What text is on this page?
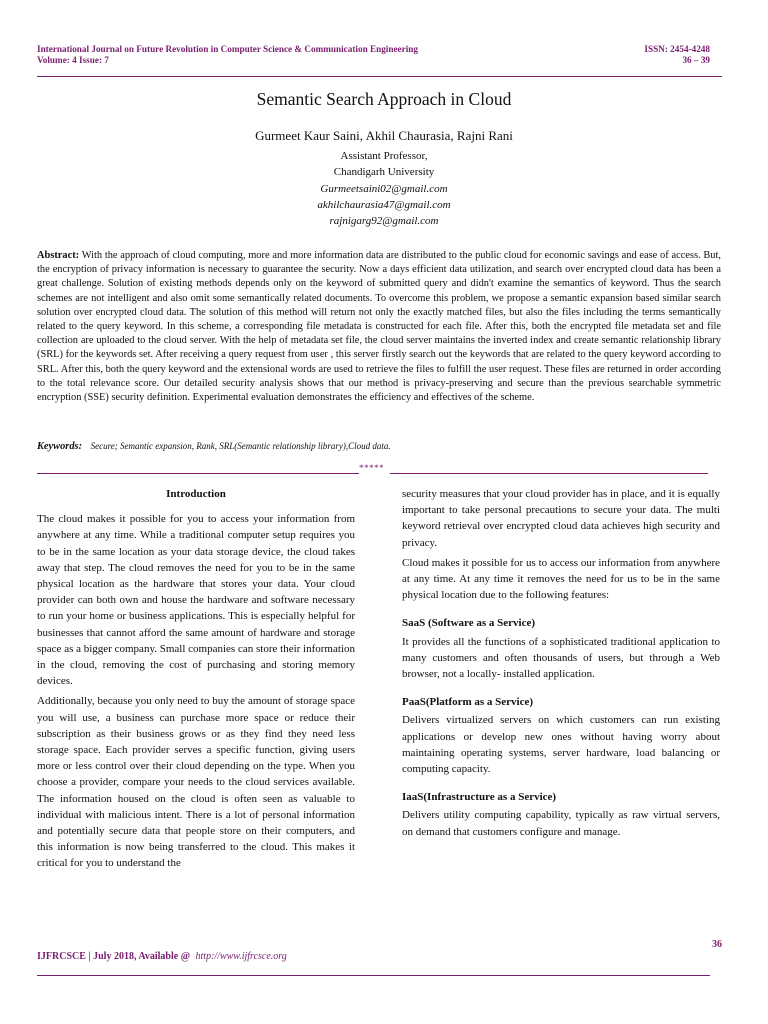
International Journal on Future Revolution in Computer Science & Communication Engineering
Volume: 4 Issue: 7
ISSN: 2454-4248
36 – 39
Semantic Search Approach in Cloud
Gurmeet Kaur Saini, Akhil Chaurasia, Rajni Rani
Assistant Professor,
Chandigarh University
Gurmeetsaini02@gmail.com
akhilchaurasia47@gmail.com
rajnigarg92@gmail.com
Abstract: With the approach of cloud computing, more and more information data are distributed to the public cloud for economic savings and ease of access. But, the encryption of privacy information is necessary to guarantee the security. Now a days efficient data utilization, and search over encrypted cloud data has been a great challenge. Solution of existing methods depends only on the keyword of submitted query and didn't examine the semantics of keyword. Thus the search schemes are not intelligent and also omit some semantically related documents. To overcome this problem, we propose a semantic expansion based similar search solution over encrypted cloud data. The solution of this method will return not only the exactly matched files, but also the files including the terms semantically related to the query keyword. In this scheme, a corresponding file metadata is constructed for each file. After this, both the encrypted file metadata set and file collection are uploaded to the cloud server. With the help of metadata set file, the cloud server maintains the inverted index and create semantic relationship library (SRL) for the keywords set. After receiving a query request from user , this server firstly search out the keywords that are related to the query keyword according to SRL. After this, both the query keyword and the extensional words are used to retrieve the files to fulfill the user request. These files are returned in order according to the total relevance score. Our detailed security analysis shows that our method is privacy-preserving and secure than the previous searchable symmetric encryption (SSE) security definition. Experimental evaluation demonstrates the efficiency and effectives of the scheme.
Keywords: Secure; Semantic expansion, Rank, SRL(Semantic relationship library),Cloud data.
*****
Introduction

The cloud makes it possible for you to access your information from anywhere at any time. While a traditional computer setup requires you to be in the same location as your data storage device, the cloud takes away that step. The cloud removes the need for you to be in the same physical location as the hardware that stores your data. Your cloud provider can both own and house the hardware and software necessary to run your home or business applications. This is especially helpful for businesses that cannot afford the same amount of hardware and storage space as a bigger company. Small companies can store their information in the cloud, removing the cost of purchasing and storing memory devices.

Additionally, because you only need to buy the amount of storage space you will use, a business can purchase more space or reduce their subscription as their business grows or as they find they need less storage space. Each provider serves a specific function, giving users more or less control over their cloud depending on the type. When you choose a provider, compare your needs to the cloud services available. The information housed on the cloud is often seen as valuable to individual with malicious intent. There is a lot of personal information and potentially secure data that people store on their computers, and this information is now being transferred to the cloud. This makes it critical for you to understand the

security measures that your cloud provider has in place, and it is equally important to take personal precautions to secure your data. The multi keyword retrieval over encrypted cloud data achieves high security and privacy.

Cloud makes it possible for us to access our information from anywhere at any time. At any time it removes the need for us to be in the same physical location due to the following features:

SaaS (Software as a Service)

It provides all the functions of a sophisticated traditional application to many customers and often thousands of users, but through a Web browser, not a locally- installed application.

PaaS(Platform as a Service)

Delivers virtualized servers on which customers can run existing applications or develop new ones without having worry about maintaining operating systems, server hardware, load balancing or computing capacity.

IaaS(Infrastructure as a Service)

Delivers utility computing capability, typically as raw virtual servers, on demand that customers configure and manage.

36
IJFRCSCE | July 2018, Available @ http://www.ijfrcsce.org
